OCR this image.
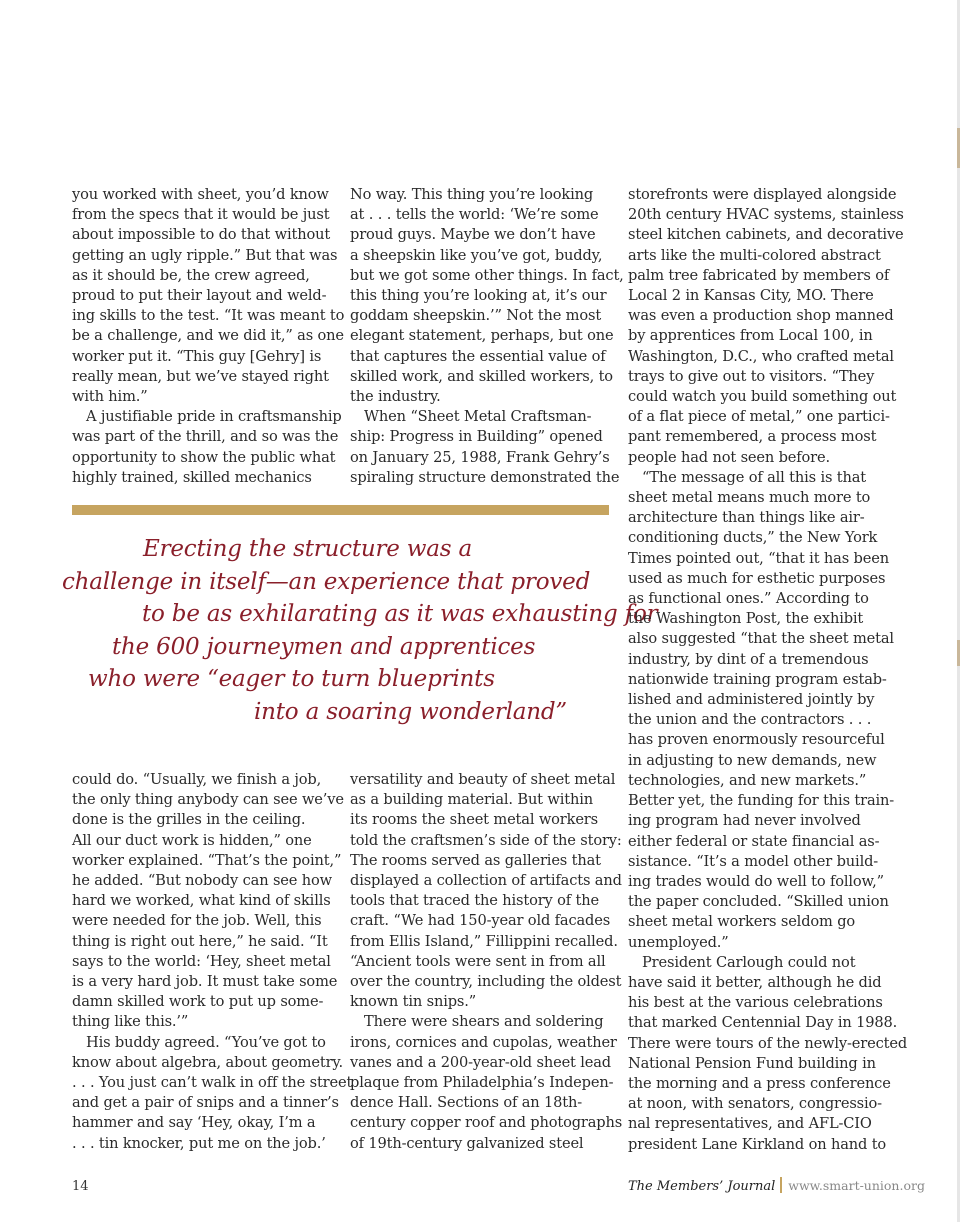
you worked with sheet, you’d know
from the specs that it would be just
about impossible to do that without
getting an ugly ripple.” But that was
as it should be, the crew agreed,
proud to put their layout and weld-
ing skills to the test. “It was meant to
be a challenge, and we did it,” as one
worker put it. “This guy [Gehry] is
really mean, but we’ve stayed right
with him.”
A justifiable pride in craftsmanship
was part of the thrill, and so was the
opportunity to show the public what
highly trained, skilled mechanics
No way. This thing you’re looking
at . . . tells the world: ‘We’re some
proud guys. Maybe we don’t have
a sheepskin like you’ve got, buddy,
but we got some other things. In fact,
this thing you’re looking at, it’s our
goddam sheepskin.’” Not the most
elegant statement, perhaps, but one
that captures the essential value of
skilled work, and skilled workers, to
the industry.
When “Sheet Metal Craftsman-
ship: Progress in Building” opened
on January 25, 1988, Frank Gehry’s
spiraling structure demonstrated the
Erecting the structure was a
challenge in itself—an experience that proved
to be as exhilarating as it was exhausting for
the 600 journeymen and apprentices
who were “eager to turn blueprints
into a soaring wonderland”
could do. “Usually, we finish a job,
the only thing anybody can see we’ve
done is the grilles in the ceiling.
All our duct work is hidden,” one
worker explained. “That’s the point,”
he added. “But nobody can see how
hard we worked, what kind of skills
were needed for the job. Well, this
thing is right out here,” he said. “It
says to the world: ‘Hey, sheet metal
is a very hard job. It must take some
damn skilled work to put up some-
thing like this.’”
His buddy agreed. “You’ve got to
know about algebra, about geometry.
. . . You just can’t walk in off the street
and get a pair of snips and a tinner’s
hammer and say ‘Hey, okay, I’m a
. . . tin knocker, put me on the job.’
versatility and beauty of sheet metal
as a building material. But within
its rooms the sheet metal workers
told the craftsmen’s side of the story:
The rooms served as galleries that
displayed a collection of artifacts and
tools that traced the history of the
craft. “We had 150-year old facades
from Ellis Island,” Fillippini recalled.
“Ancient tools were sent in from all
over the country, including the oldest
known tin snips.”
There were shears and soldering
irons, cornices and cupolas, weather
vanes and a 200-year-old sheet lead
plaque from Philadelphia’s Indepen-
dence Hall. Sections of an 18th-
century copper roof and photographs
of 19th-century galvanized steel
storefronts were displayed alongside
20th century HVAC systems, stainless
steel kitchen cabinets, and decorative
arts like the multi-colored abstract
palm tree fabricated by members of
Local 2 in Kansas City, MO. There
was even a production shop manned
by apprentices from Local 100, in
Washington, D.C., who crafted metal
trays to give out to visitors. “They
could watch you build something out
of a flat piece of metal,” one partici-
pant remembered, a process most
people had not seen before.
“The message of all this is that
sheet metal means much more to
architecture than things like air-
conditioning ducts,” the New York
Times pointed out, “that it has been
used as much for esthetic purposes
as functional ones.” According to
the Washington Post, the exhibit
also suggested “that the sheet metal
industry, by dint of a tremendous
nationwide training program estab-
lished and administered jointly by
the union and the contractors . . .
has proven enormously resourceful
in adjusting to new demands, new
technologies, and new markets.”
Better yet, the funding for this train-
ing program had never involved
either federal or state financial as-
sistance. “It’s a model other build-
ing trades would do well to follow,”
the paper concluded. “Skilled union
sheet metal workers seldom go
unemployed.”
President Carlough could not
have said it better, although he did
his best at the various celebrations
that marked Centennial Day in 1988.
There were tours of the newly-erected
National Pension Fund building in
the morning and a press conference
at noon, with senators, congressio-
nal representatives, and AFL-CIO
president Lane Kirkland on hand to
14	The Members’ Journal www.smart-union.org
